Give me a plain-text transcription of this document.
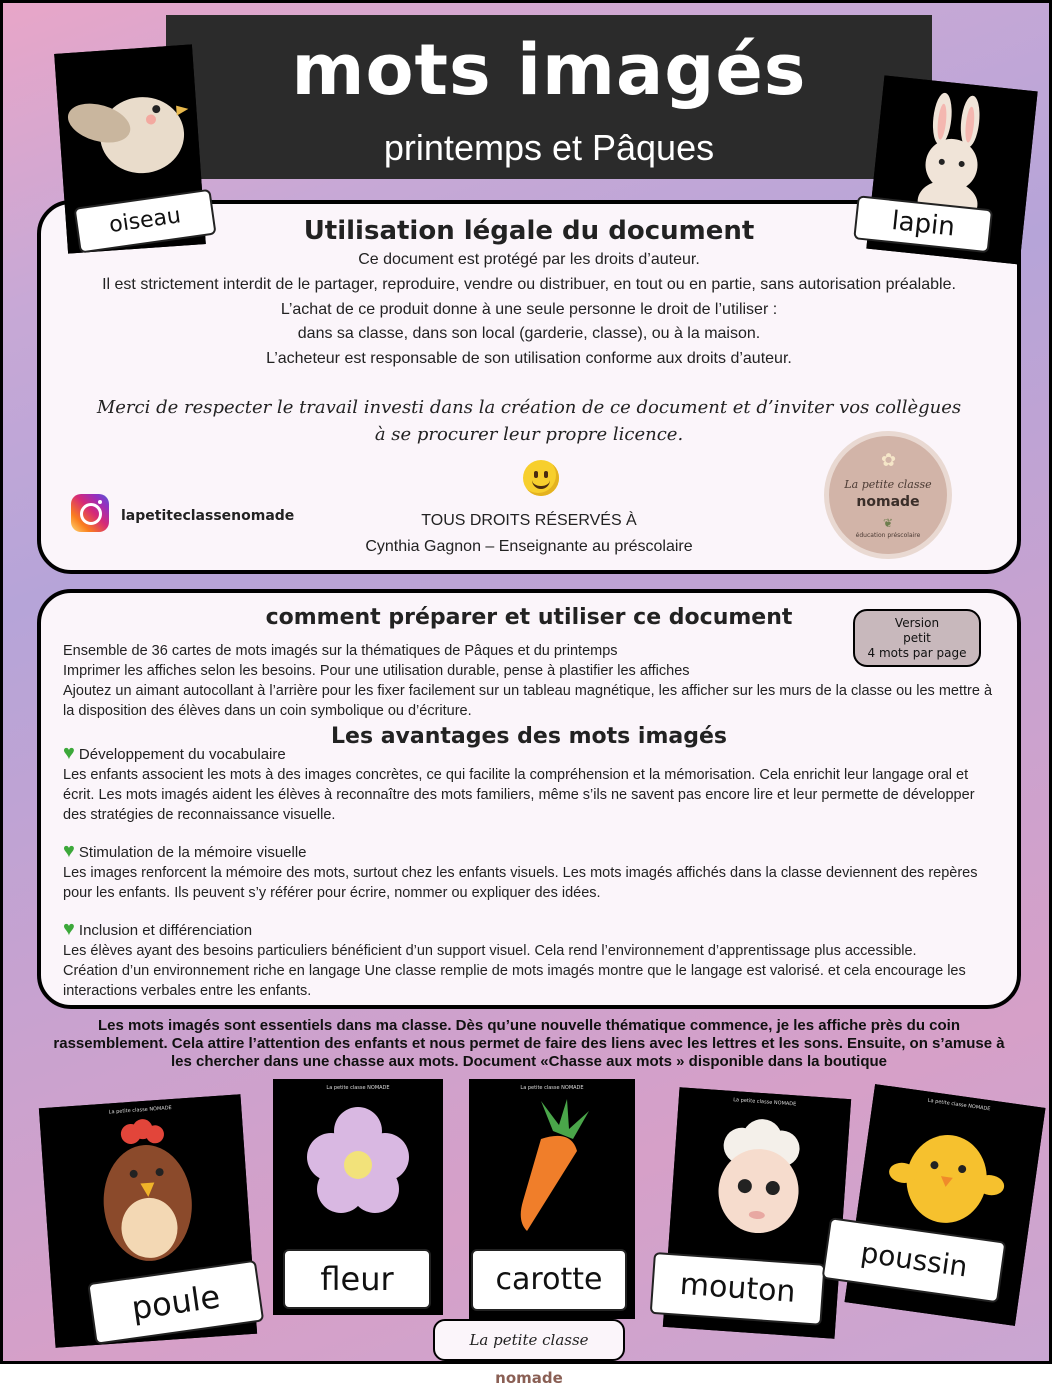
mots imagés
printemps et Pâques
Utilisation légale du document
Ce document est protégé par les droits d’auteur.
Il est strictement interdit de le partager, reproduire, vendre ou distribuer, en tout ou en partie, sans autorisation préalable.
L’achat de ce produit donne à une seule personne le droit de l’utiliser :
dans sa classe, dans son local (garderie, classe), ou à la maison.
L’acheteur est responsable de son utilisation conforme aux droits d’auteur.
Merci de respecter le travail investi dans la création de ce document et d’inviter vos collègues
à se procurer leur propre licence.
lapetiteclassenomade	TOUS DROITS RÉSERVÉS À
Cynthia Gagnon – Enseignante au préscolaire
✿
La petite classe
nomade
❦
éducation préscolaire
comment préparer et utiliser ce document	Version
petit
4 mots par page
Ensemble de 36 cartes de mots imagés sur la thématiques de Pâques et du printemps
Imprimer les affiches selon les besoins. Pour une utilisation durable, pense à plastifier les affiches
Ajoutez un aimant autocollant à l’arrière pour les fixer facilement sur un tableau magnétique, les afficher sur les murs de la classe ou les mettre à la disposition des élèves dans un coin symbolique ou d’écriture.
Les avantages des mots imagés
♥ Développement du vocabulaire
Les enfants associent les mots à des images concrètes, ce qui facilite la compréhension et la mémorisation. Cela enrichit leur langage oral et écrit. Les mots imagés aident les élèves à reconnaître des mots familiers, même s’ils ne savent pas encore lire et leur permette de développer des stratégies de reconnaissance visuelle.
♥ Stimulation de la mémoire visuelle
Les images renforcent la mémoire des mots, surtout chez les enfants visuels. Les mots imagés affichés dans la classe deviennent des repères pour les enfants. Ils peuvent s’y référer pour écrire, nommer ou expliquer des idées.
♥ Inclusion et différenciation
Les élèves ayant des besoins particuliers bénéficient d’un support visuel. Cela rend l’environnement d’apprentissage plus accessible. Création d’un environnement riche en langage Une classe remplie de mots imagés montre que le langage est valorisé. et cela encourage les interactions verbales entre les enfants.
Les mots imagés sont essentiels dans ma classe. Dès qu’une nouvelle thématique commence, je les affiche près du coin rassemblement. Cela attire l’attention des enfants et nous permet de faire des liens avec les lettres et les sons. Ensuite, on s’amuse à les chercher dans une chasse aux mots. Document «Chasse aux mots » disponible dans la boutique
oiseau	lapin
La petite classe NOMADE
poule
La petite classe NOMADE
fleur
La petite classe NOMADE
carotte
La petite classe NOMADE
mouton
La petite classe NOMADE
poussin
La petite classe nomade
